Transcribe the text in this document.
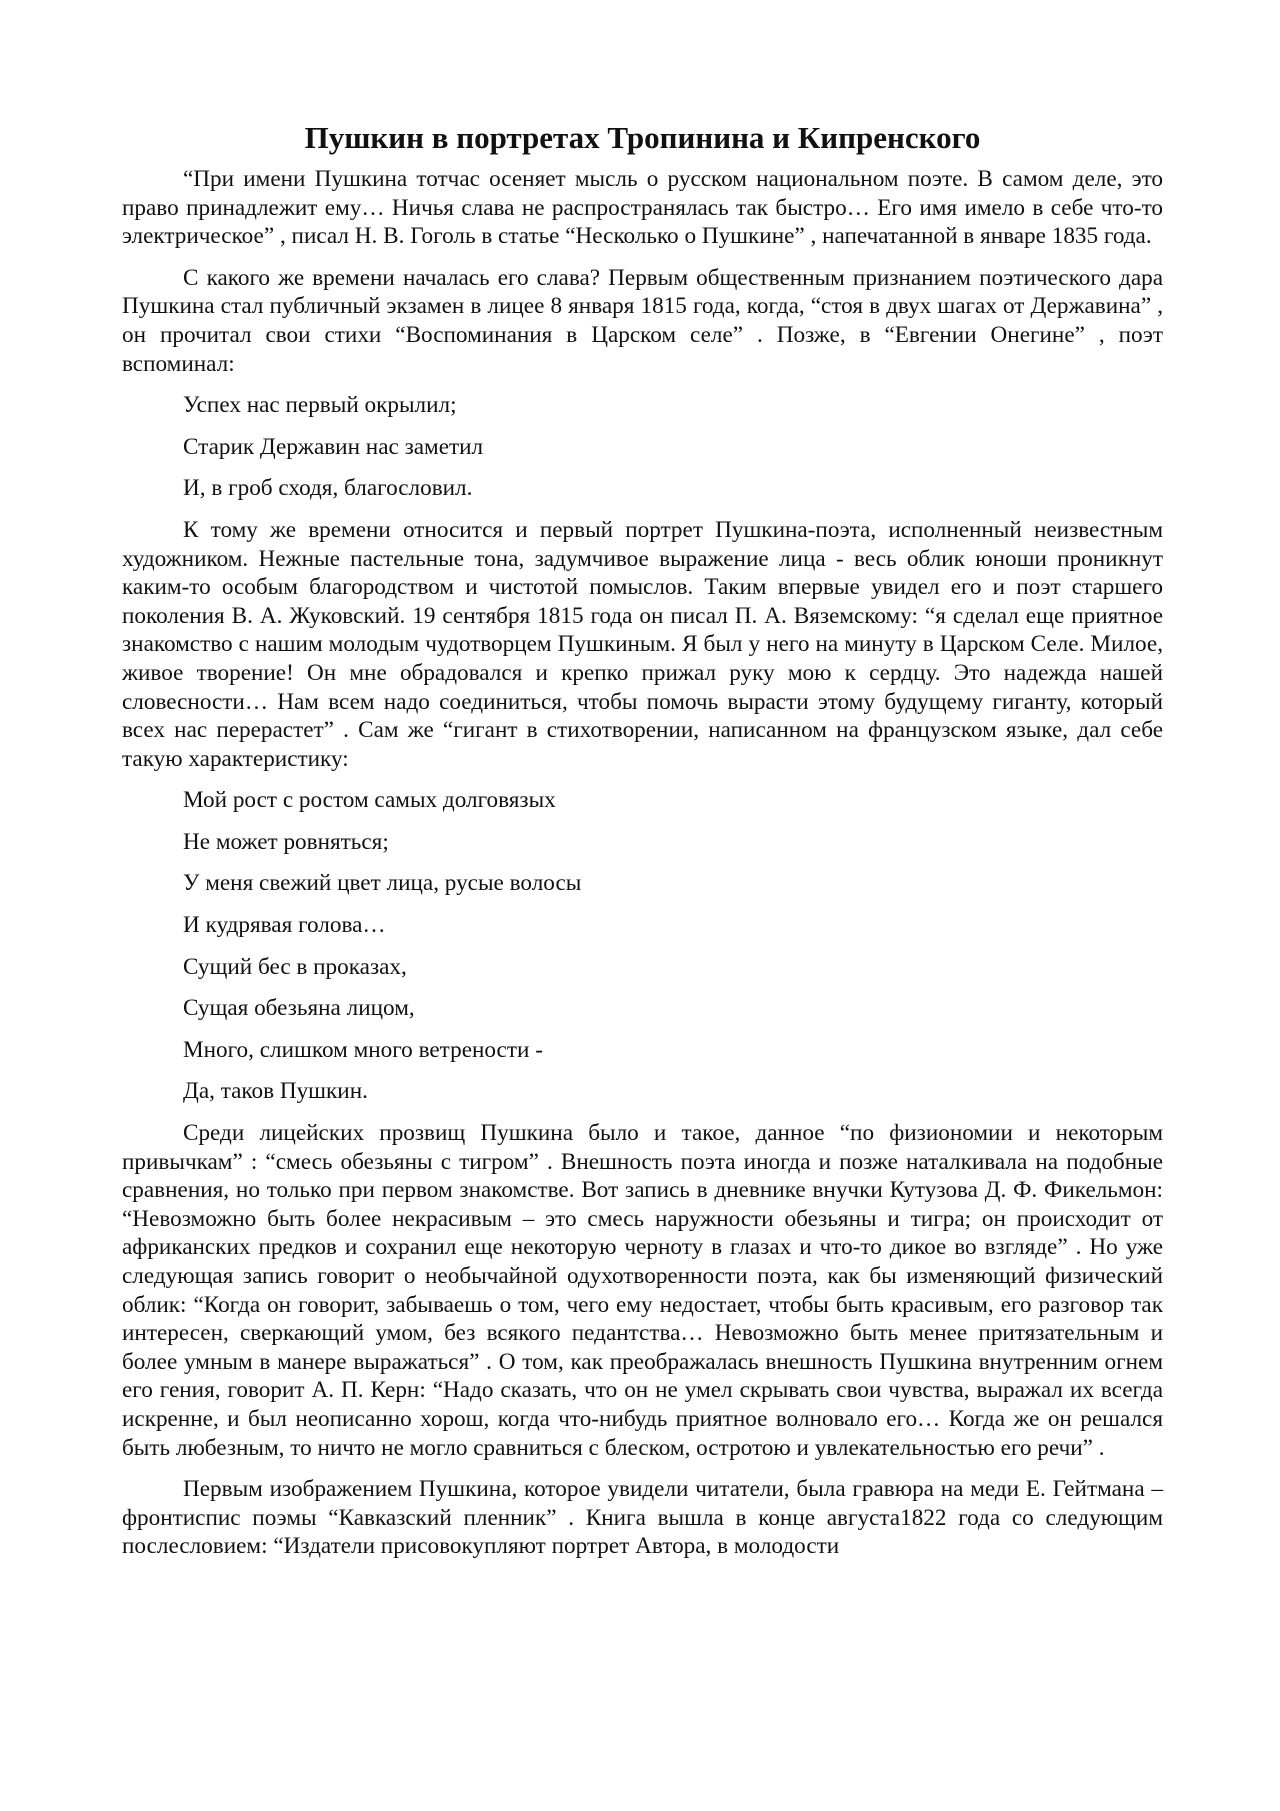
Пушкин в портретах Тропинина и Кипренского

“При имени Пушкина тотчас осеняет мысль о русском национальном поэте. В самом деле, это право принадлежит ему… Ничья слава не распространялась так быстро… Его имя имело в себе что-то электрическое” , писал Н. В. Гоголь в статье “Несколько о Пушкине” , напечатанной в январе 1835 года.

С какого же времени началась его слава? Первым общественным признанием поэтического дара Пушкина стал публичный экзамен в лицее 8 января 1815 года, когда, “стоя в двух шагах от Державина” , он прочитал свои стихи “Воспоминания в Царском селе” . Позже, в “Евгении Онегине” , поэт вспоминал:

Успех нас первый окрылил;

Старик Державин нас заметил

И, в гроб сходя, благословил.

К тому же времени относится и первый портрет Пушкина-поэта, исполненный неизвестным художником. Нежные пастельные тона, задумчивое выражение лица - весь облик юноши проникнут каким-то особым благородством и чистотой помыслов. Таким впервые увидел его и поэт старшего поколения В. А. Жуковский. 19 сентября 1815 года он писал П. А. Вяземскому: “я сделал еще приятное знакомство с нашим молодым чудотворцем Пушкиным. Я был у него на минуту в Царском Селе. Милое, живое творение! Он мне обрадовался и крепко прижал руку мою к сердцу. Это надежда нашей словесности… Нам всем надо соединиться, чтобы помочь вырасти этому будущему гиганту, который всех нас перерастет” . Сам же “гигант в стихотворении, написанном на французском языке, дал себе такую характеристику:

Мой рост с ростом самых долговязых

Не может ровняться;

У меня свежий цвет лица, русые волосы

И кудрявая голова…

Сущий бес в проказах,

Сущая обезьяна лицом,

Много, слишком много ветрености -

Да, таков Пушкин.

Среди лицейских прозвищ Пушкина было и такое, данное “по физиономии и некоторым привычкам” : “смесь обезьяны с тигром” . Внешность поэта иногда и позже наталкивала на подобные сравнения, но только при первом знакомстве. Вот запись в дневнике внучки Кутузова Д. Ф. Фикельмон: “Невозможно быть более некрасивым – это смесь наружности обезьяны и тигра; он происходит от африканских предков и сохранил еще некоторую черноту в глазах и что-то дикое во взгляде” . Но уже следующая запись говорит о необычайной одухотворенности поэта, как бы изменяющий физический облик: “Когда он говорит, забываешь о том, чего ему недостает, чтобы быть красивым, его разговор так интересен, сверкающий умом, без всякого педантства… Невозможно быть менее притязательным и более умным в манере выражаться” . О том, как преображалась внешность Пушкина внутренним огнем его гения, говорит А. П. Керн: “Надо сказать, что он не умел скрывать свои чувства, выражал их всегда искренне, и был неописанно хорош, когда что-нибудь приятное волновало его… Когда же он решался быть любезным, то ничто не могло сравниться с блеском, остротою и увлекательностью его речи” .

Первым изображением Пушкина, которое увидели читатели, была гравюра на меди Е. Гейтмана – фронтиспис поэмы “Кавказский пленник” . Книга вышла в конце августа1822 года со следующим послесловием: “Издатели присовокупляют портрет Автора, в молодости
